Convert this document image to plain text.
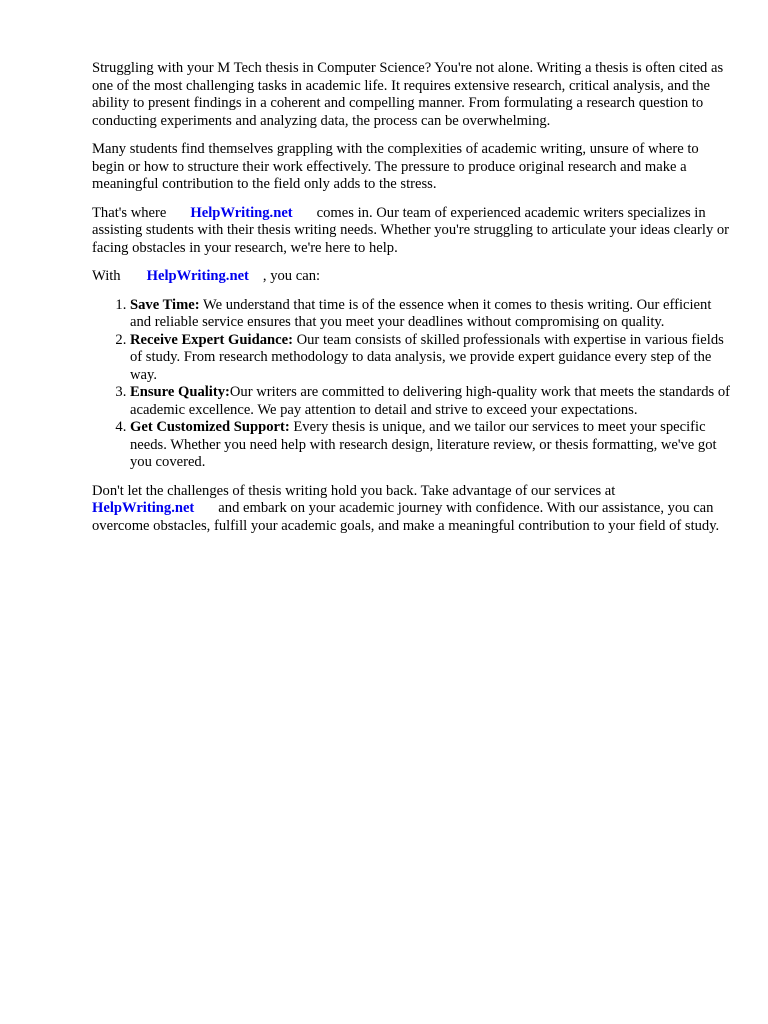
Struggling with your M Tech thesis in Computer Science? You're not alone. Writing a thesis is often cited as one of the most challenging tasks in academic life. It requires extensive research, critical analysis, and the ability to present findings in a coherent and compelling manner. From formulating a research question to conducting experiments and analyzing data, the process can be overwhelming.

Many students find themselves grappling with the complexities of academic writing, unsure of where to begin or how to structure their work effectively. The pressure to produce original research and make a meaningful contribution to the field only adds to the stress.

That's where HelpWriting.net comes in. Our team of experienced academic writers specializes in assisting students with their thesis writing needs. Whether you're struggling to articulate your ideas clearly or facing obstacles in your research, we're here to help.

With HelpWriting.net , you can:

1. Save Time: We understand that time is of the essence when it comes to thesis writing. Our efficient and reliable service ensures that you meet your deadlines without compromising on quality.
2. Receive Expert Guidance: Our team consists of skilled professionals with expertise in various fields of study. From research methodology to data analysis, we provide expert guidance every step of the way.
3. Ensure Quality:Our writers are committed to delivering high-quality work that meets the standards of academic excellence. We pay attention to detail and strive to exceed your expectations.
4. Get Customized Support: Every thesis is unique, and we tailor our services to meet your specific needs. Whether you need help with research design, literature review, or thesis formatting, we've got you covered.

Don't let the challenges of thesis writing hold you back. Take advantage of our services at
HelpWriting.net and embark on your academic journey with confidence. With our assistance, you can overcome obstacles, fulfill your academic goals, and make a meaningful contribution to your field of study.
